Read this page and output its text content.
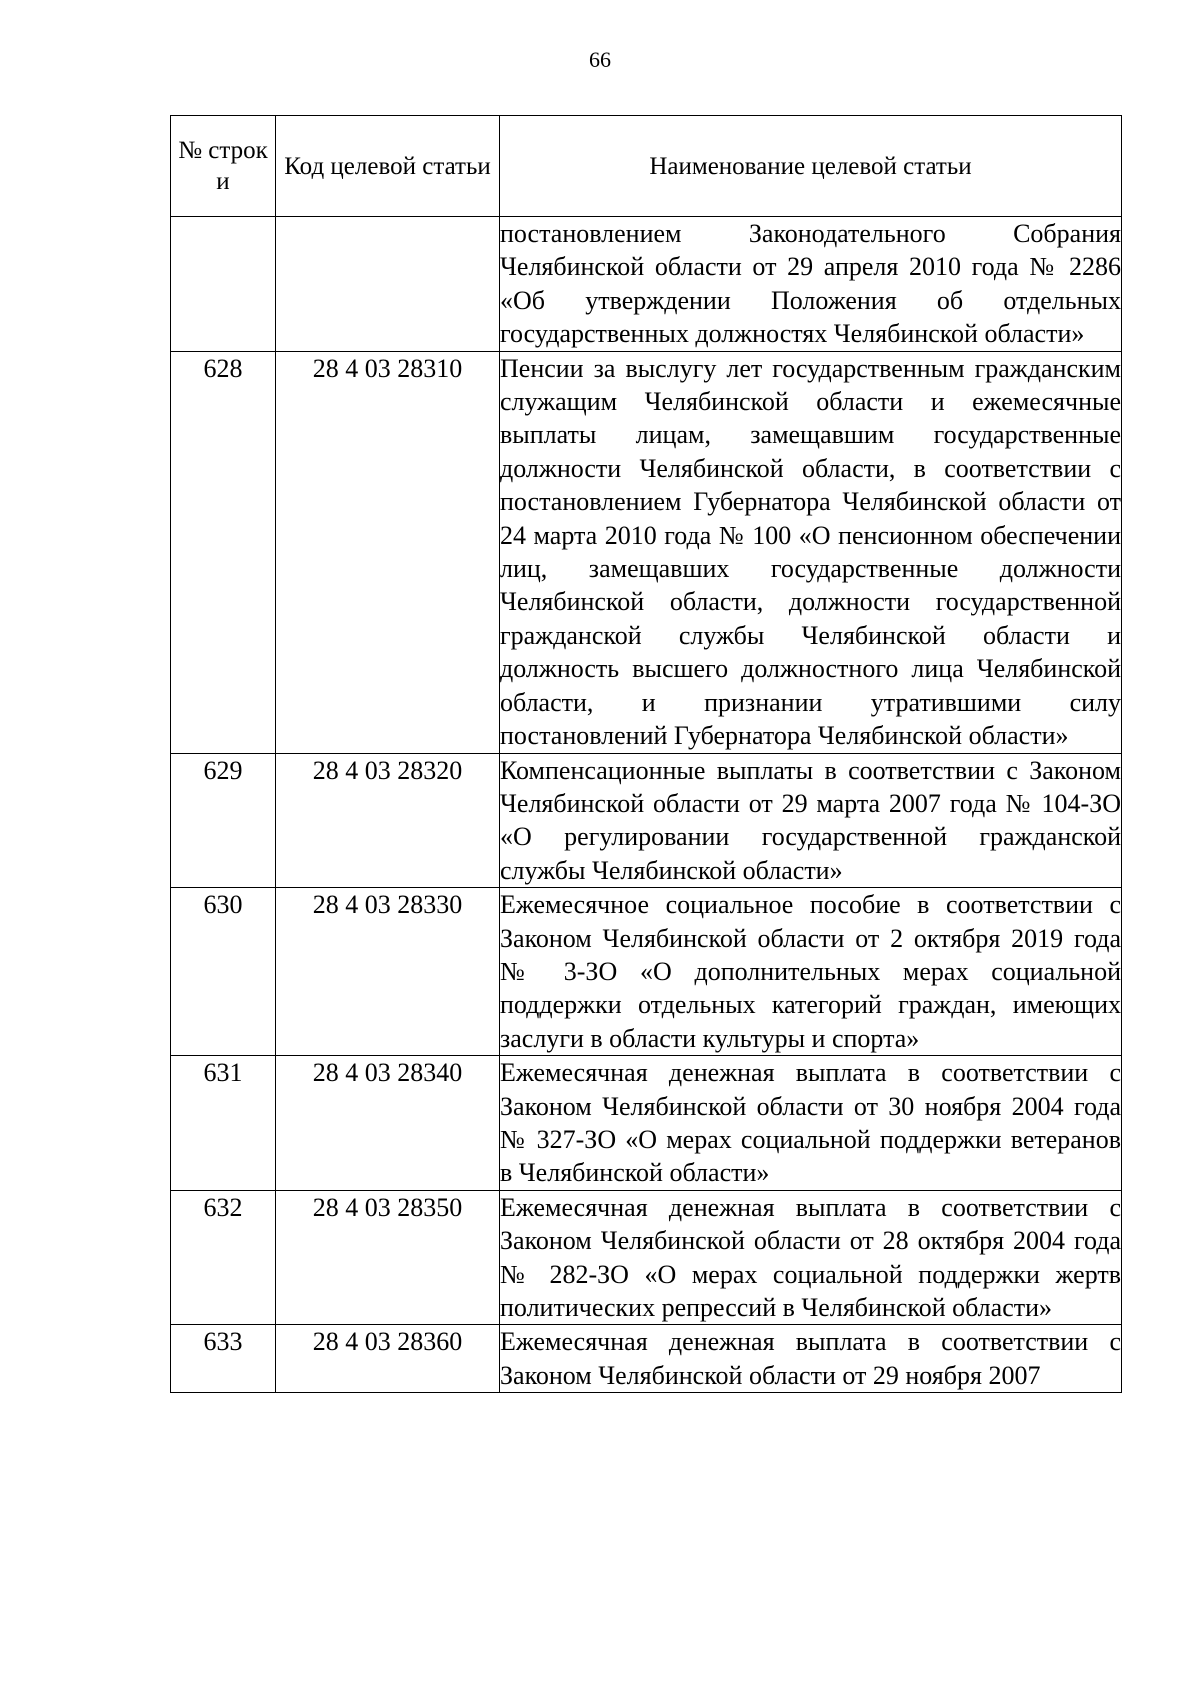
66
№ строки	Код целевой статьи	Наименование целевой статьи
		постановлением Законодательного Собрания Челябинской области от 29 апреля 2010 года № 2286 «Об утверждении Положения об отдельных государственных должностях Челябинской области»
628	28 4 03 28310	Пенсии за выслугу лет государственным гражданским служащим Челябинской области и ежемесячные выплаты лицам, замещавшим государственные должности Челябинской области, в соответствии с постановлением Губернатора Челябинской области от 24 марта 2010 года № 100 «О пенсионном обеспечении лиц, замещавших государственные должности Челябинской области, должности государственной гражданской службы Челябинской области и должность высшего должностного лица Челябинской области, и признании утратившими силу постановлений Губернатора Челябинской области»
629	28 4 03 28320	Компенсационные выплаты в соответствии с Законом Челябинской области от 29 марта 2007 года № 104-ЗО «О регулировании государственной гражданской службы Челябинской области»
630	28 4 03 28330	Ежемесячное социальное пособие в соответствии с Законом Челябинской области от 2 октября 2019 года № 3-ЗО «О дополнительных мерах социальной поддержки отдельных категорий граждан, имеющих заслуги в области культуры и спорта»
631	28 4 03 28340	Ежемесячная денежная выплата в соответствии с Законом Челябинской области от 30 ноября 2004 года № 327-ЗО «О мерах социальной поддержки ветеранов в Челябинской области»
632	28 4 03 28350	Ежемесячная денежная выплата в соответствии с Законом Челябинской области от 28 октября 2004 года № 282-ЗО «О мерах социальной поддержки жертв политических репрессий в Челябинской области»
633	28 4 03 28360	Ежемесячная денежная выплата в соответствии с Законом Челябинской области от 29 ноября 2007
